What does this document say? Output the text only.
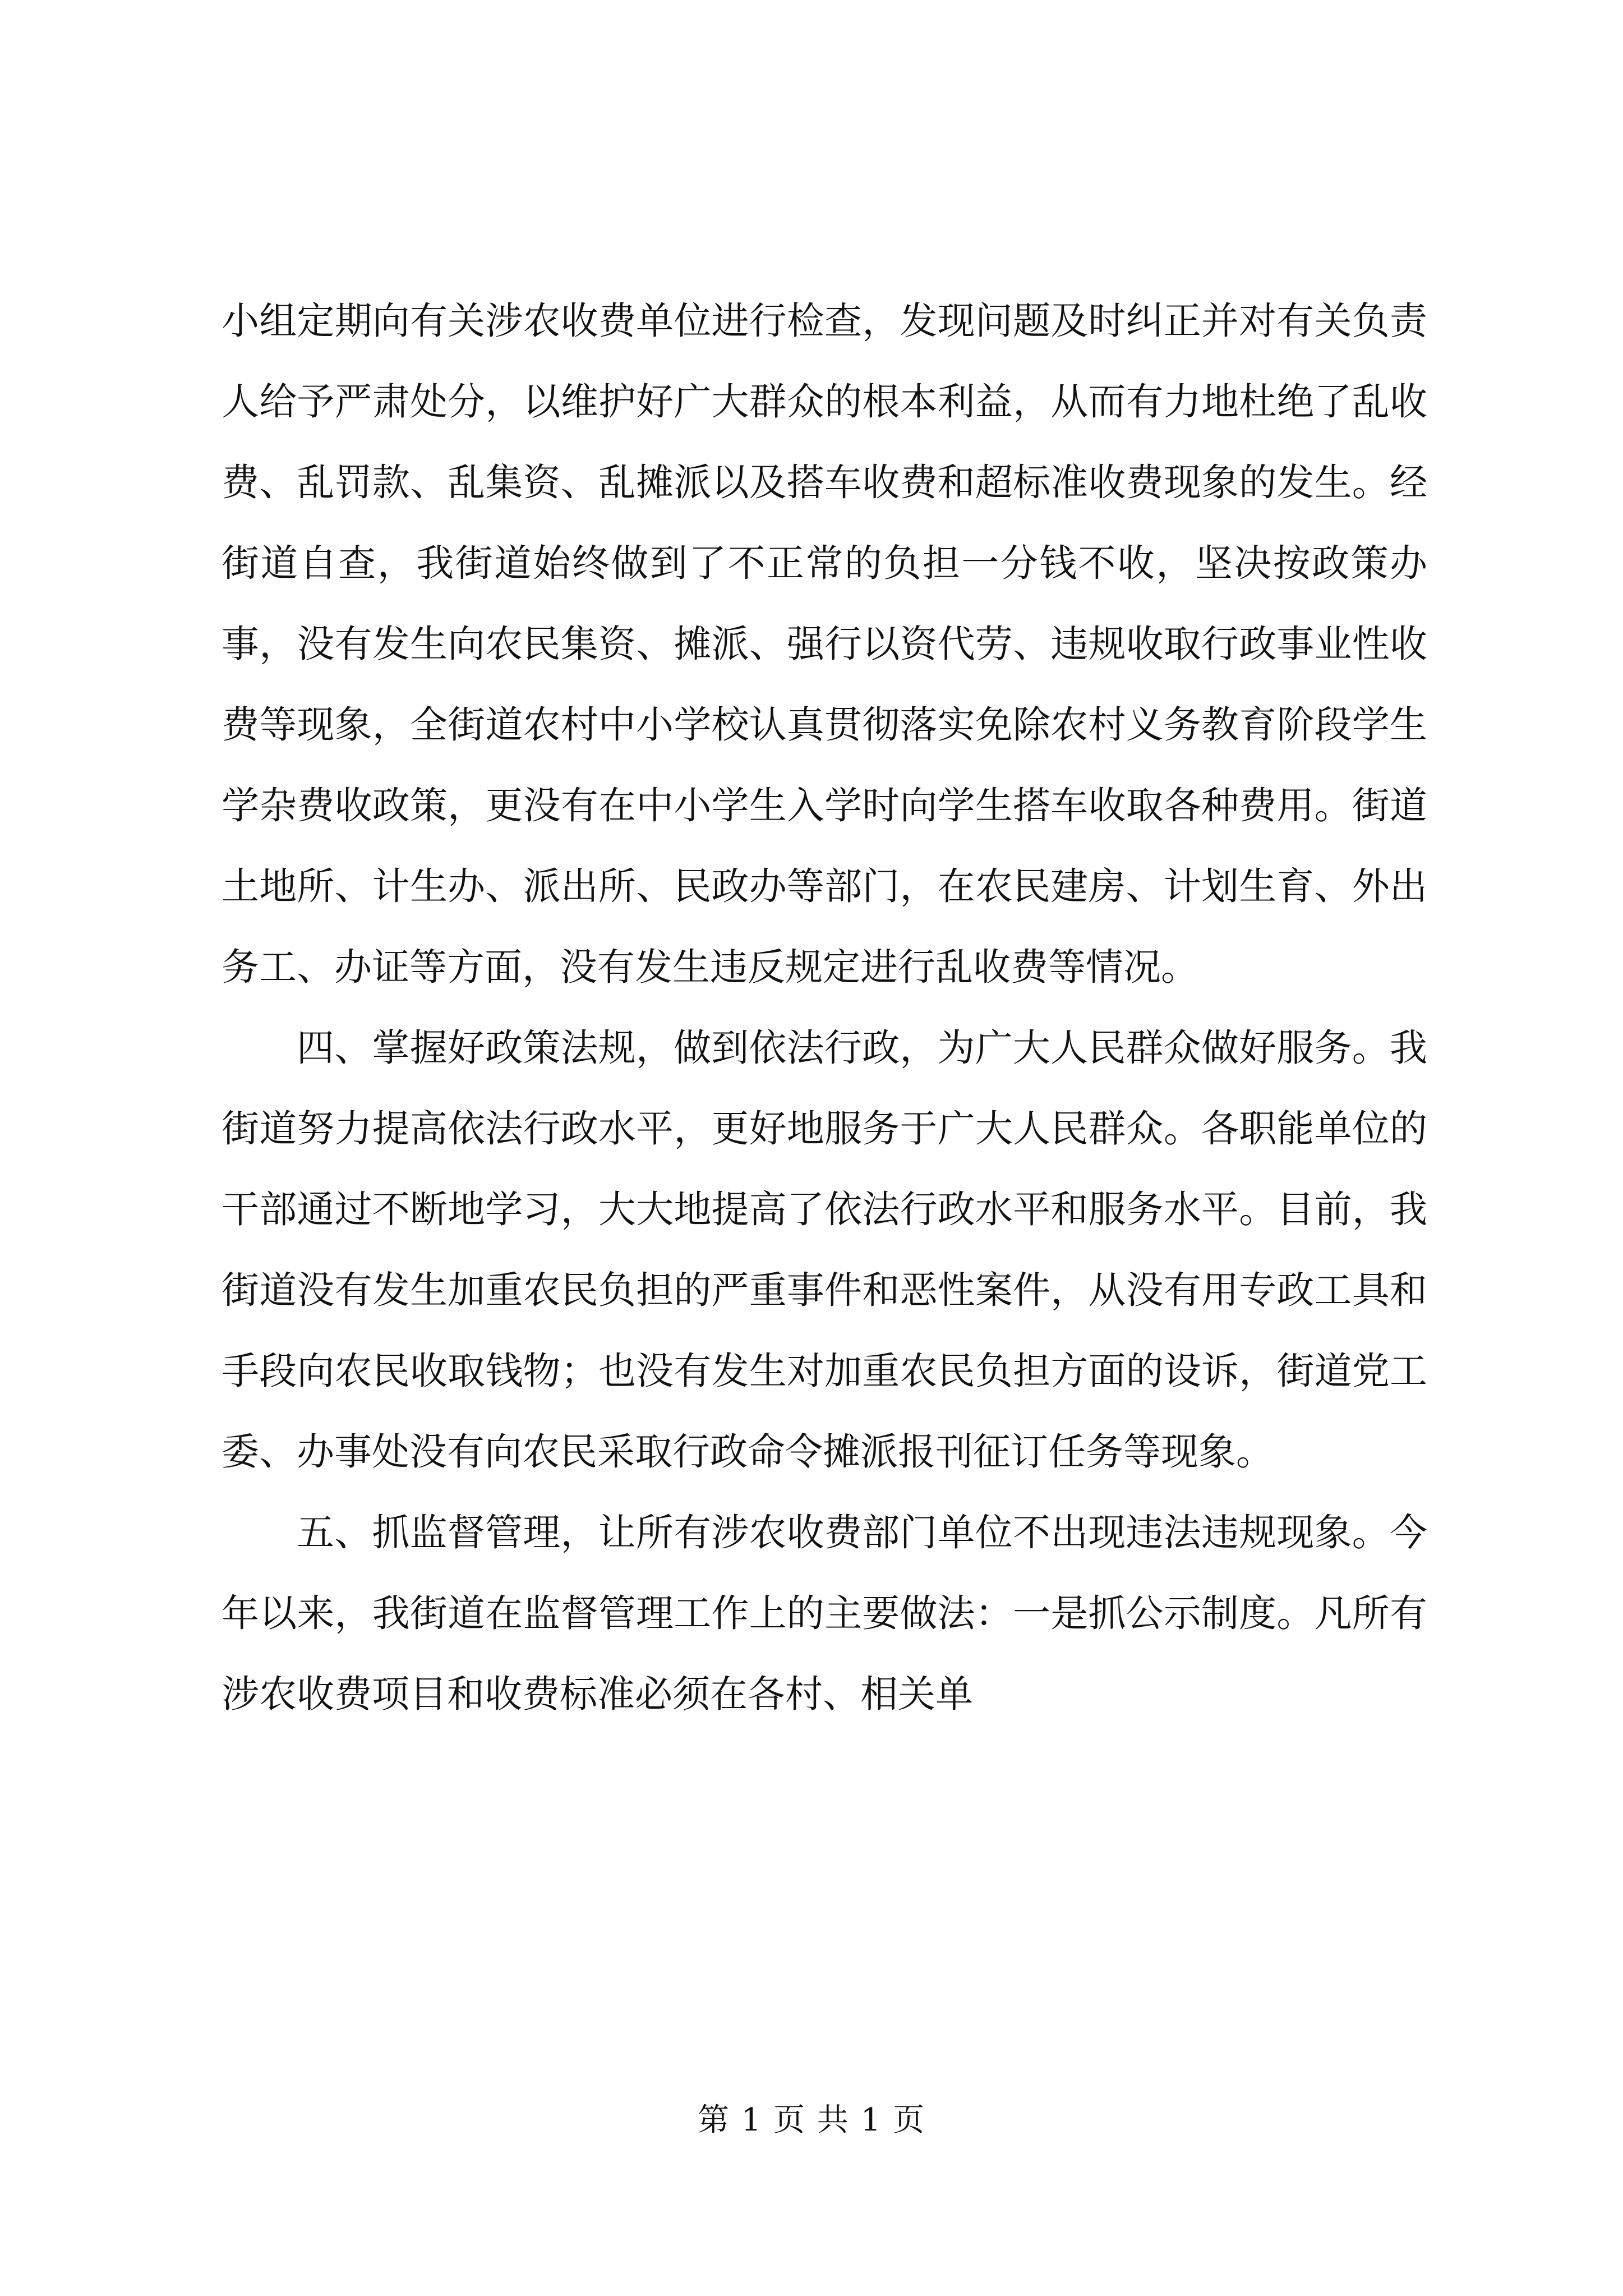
小组定期向有关涉农收费单位进行检查，发现问题及时纠正并对有关负责人给予严肃处分，以维护好广大群众的根本利益，从而有力地杜绝了乱收费、乱罚款、乱集资、乱摊派以及搭车收费和超标准收费现象的发生。经街道自查，我街道始终做到了不正常的负担一分钱不收，坚决按政策办事，没有发生向农民集资、摊派、强行以资代劳、违规收取行政事业性收费等现象，全街道农村中小学校认真贯彻落实免除农村义务教育阶段学生学杂费收政策，更没有在中小学生入学时向学生搭车收取各种费用。街道土地所、计生办、派出所、民政办等部门，在农民建房、计划生育、外出务工、办证等方面，没有发生违反规定进行乱收费等情况。

四、掌握好政策法规，做到依法行政，为广大人民群众做好服务。我街道努力提高依法行政水平，更好地服务于广大人民群众。各职能单位的干部通过不断地学习，大大地提高了依法行政水平和服务水平。目前，我街道没有发生加重农民负担的严重事件和恶性案件，从没有用专政工具和手段向农民收取钱物；也没有发生对加重农民负担方面的设诉，街道党工委、办事处没有向农民采取行政命令摊派报刊征订任务等现象。

五、抓监督管理，让所有涉农收费部门单位不出现违法违规现象。今年以来，我街道在监督管理工作上的主要做法：一是抓公示制度。凡所有涉农收费项目和收费标准必须在各村、相关单

第 1 页 共 1 页
